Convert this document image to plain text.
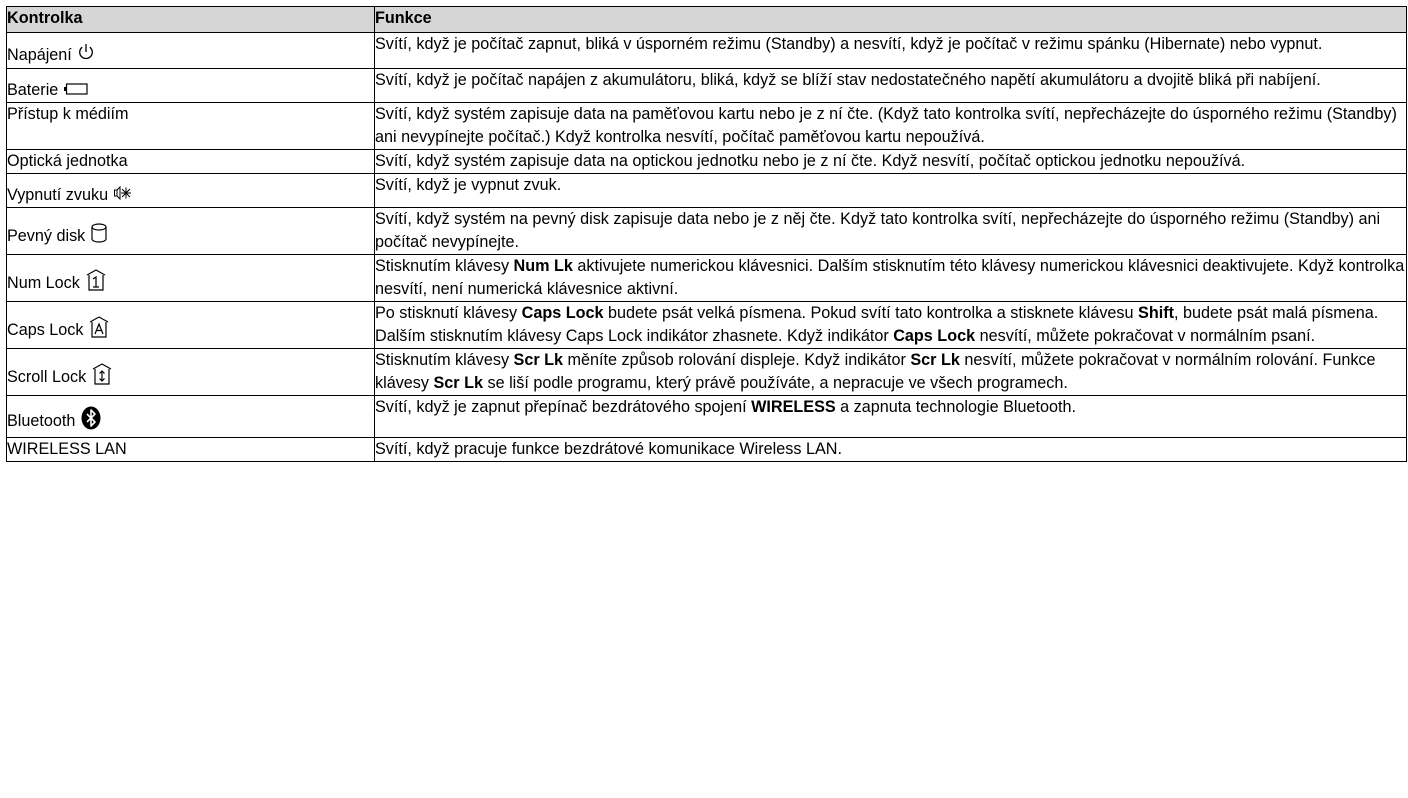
Kontrolka	Funkce
Napájení	Svítí, když je počítač zapnut, bliká v úsporném režimu (Standby) a nesvítí, když je počítač v režimu spánku (Hibernate) nebo vypnut.
Baterie	Svítí, když je počítač napájen z akumulátoru, bliká, když se blíží stav nedostatečného napětí akumulátoru a dvojitě bliká při nabíjení.
Přístup k médiím	Svítí, když systém zapisuje data na paměťovou kartu nebo je z ní čte. (Když tato kontrolka svítí, nepřecházejte do úsporného režimu (Standby) ani nevypínejte počítač.) Když kontrolka nesvítí, počítač paměťovou kartu nepoužívá.
Optická jednotka	Svítí, když systém zapisuje data na optickou jednotku nebo je z ní čte. Když nesvítí, počítač optickou jednotku nepoužívá.
Vypnutí zvuku	Svítí, když je vypnut zvuk.
Pevný disk	Svítí, když systém na pevný disk zapisuje data nebo je z něj čte. Když tato kontrolka svítí, nepřecházejte do úsporného režimu (Standby) ani počítač nevypínejte.
Num Lock	Stisknutím klávesy Num Lk aktivujete numerickou klávesnici. Dalším stisknutím této klávesy numerickou klávesnici deaktivujete. Když kontrolka nesvítí, není numerická klávesnice aktivní.
Caps Lock	Po stisknutí klávesy Caps Lock budete psát velká písmena. Pokud svítí tato kontrolka a stisknete klávesu Shift, budete psát malá písmena. Dalším stisknutím klávesy Caps Lock indikátor zhasnete. Když indikátor Caps Lock nesvítí, můžete pokračovat v normálním psaní.
Scroll Lock	Stisknutím klávesy Scr Lk měníte způsob rolování displeje. Když indikátor Scr Lk nesvítí, můžete pokračovat v normálním rolování. Funkce klávesy Scr Lk se liší podle programu, který právě používáte, a nepracuje ve všech programech.
Bluetooth	Svítí, když je zapnut přepínač bezdrátového spojení WIRELESS a zapnuta technologie Bluetooth.
WIRELESS LAN	Svítí, když pracuje funkce bezdrátové komunikace Wireless LAN.
